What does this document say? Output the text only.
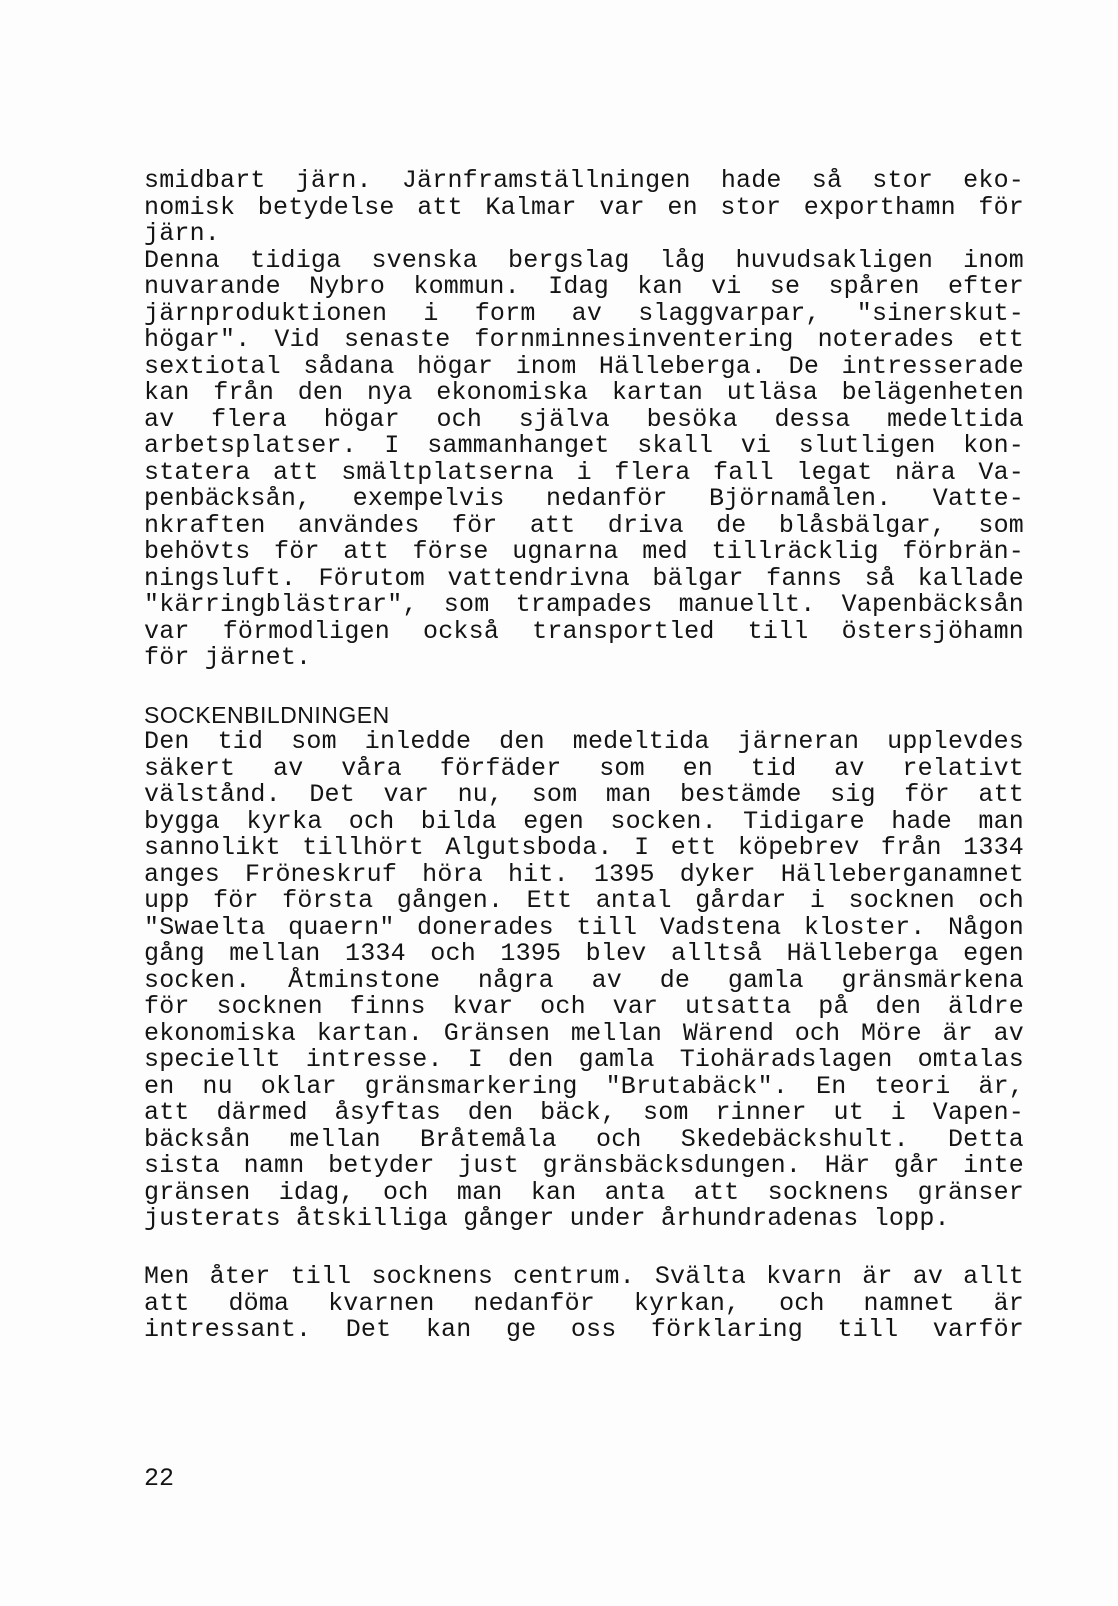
smidbart järn. Järnframställningen hade så stor eko-
nomisk betydelse att Kalmar var en stor exporthamn för
järn.
Denna tidiga svenska bergslag låg huvudsakligen inom
nuvarande Nybro kommun. Idag kan vi se spåren efter
järnproduktionen i form av slaggvarpar, "sinerskut-
högar". Vid senaste fornminnesinventering noterades ett
sextiotal sådana högar inom Hälleberga. De intresserade
kan från den nya ekonomiska kartan utläsa belägenheten
av flera högar och själva besöka dessa medeltida
arbetsplatser. I sammanhanget skall vi slutligen kon-
statera att smältplatserna i flera fall legat nära Va-
penbäcksån, exempelvis nedanför Björnamålen. Vatte-
nkraften användes för att driva de blåsbälgar, som
behövts för att förse ugnarna med tillräcklig förbrän-
ningsluft. Förutom vattendrivna bälgar fanns så kallade
"kärringblästrar", som trampades manuellt. Vapenbäcksån
var förmodligen också transportled till östersjöhamn
för järnet.
SOCKENBILDNINGEN
Den tid som inledde den medeltida järneran upplevdes
säkert av våra förfäder som en tid av relativt
välstånd. Det var nu, som man bestämde sig för att
bygga kyrka och bilda egen socken. Tidigare hade man
sannolikt tillhört Algutsboda. I ett köpebrev från 1334
anges Fröneskruf höra hit. 1395 dyker Hälleberganamnet
upp för första gången. Ett antal gårdar i socknen och
"Swaelta quaern" donerades till Vadstena kloster. Någon
gång mellan 1334 och 1395 blev alltså Hälleberga egen
socken. Åtminstone några av de gamla gränsmärkena
för socknen finns kvar och var utsatta på den äldre
ekonomiska kartan. Gränsen mellan Wärend och Möre är av
speciellt intresse. I den gamla Tiohäradslagen omtalas
en nu oklar gränsmarkering "Brutabäck". En teori är,
att därmed åsyftas den bäck, som rinner ut i Vapen-
bäcksån mellan Bråtemåla och Skedebäckshult. Detta
sista namn betyder just gränsbäcksdungen. Här går inte
gränsen idag, och man kan anta att socknens gränser
justerats åtskilliga gånger under århundradenas lopp.
Men åter till socknens centrum. Svälta kvarn är av allt
att döma kvarnen nedanför kyrkan, och namnet är
intressant. Det kan ge oss förklaring till varför
22
